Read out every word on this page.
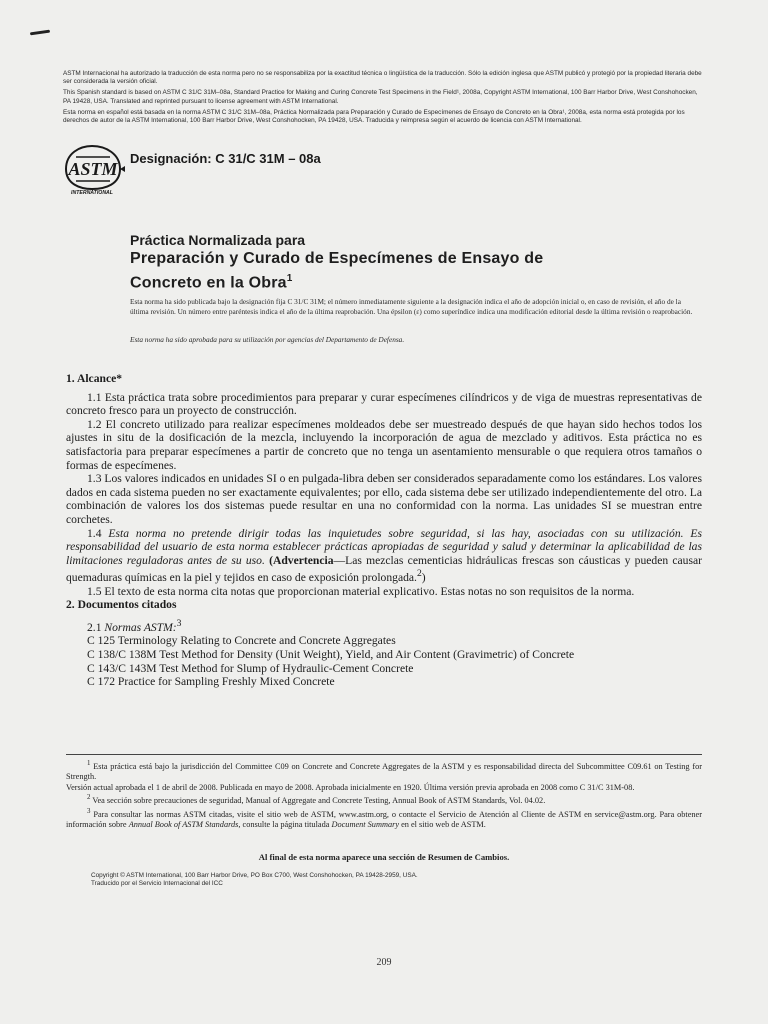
ASTM Internacional ha autorizado la traducción de esta norma pero no se responsabiliza por la exactitud técnica o lingüística de la traducción. Sólo la edición inglesa que ASTM publicó y protegió por la propiedad literaria debe ser considerada la versión oficial.

This Spanish standard is based on ASTM C 31/C 31M–08a, Standard Practice for Making and Curing Concrete Test Specimens in the Field¹, 2008a, Copyright ASTM International, 100 Barr Harbor Drive, West Conshohocken, PA 19428, USA. Translated and reprinted pursuant to license agreement with ASTM International.

Esta norma en español está basada en la norma ASTM C 31/C 31M–08a, Práctica Normalizada para Preparación y Curado de Especímenes de Ensayo de Concreto en la Obra¹, 2008a, esta norma está protegida por los derechos de autor de la ASTM International, 100 Barr Harbor Drive, West Conshohocken, PA 19428, USA. Traducida y reimpresa según el acuerdo de licencia con ASTM International.

ASTM
INTERNATIONAL
Designación: C 31/C 31M – 08a
Práctica Normalizada para
Preparación y Curado de Especímenes de Ensayo de
Concreto en la Obra$^1$

Esta norma ha sido publicada bajo la designación fija C 31/C 31M; el número inmediatamente siguiente a la designación indica el año de adopción inicial o, en caso de revisión, el año de la última revisión. Un número entre paréntesis indica el año de la última reaprobación. Una épsilon (ε) como superíndice indica una modificación editorial desde la última revisión o reaprobación.

Esta norma ha sido aprobada para su utilización por agencias del Departamento de Defensa.

1. Alcance*

1.1 Esta práctica trata sobre procedimientos para preparar y curar especímenes cilíndricos y de viga de muestras representativas de concreto fresco para un proyecto de construcción.

1.2 El concreto utilizado para realizar especímenes moldeados debe ser muestreado después de que hayan sido hechos todos los ajustes in situ de la dosificación de la mezcla, incluyendo la incorporación de agua de mezclado y aditivos. Esta práctica no es satisfactoria para preparar especímenes a partir de concreto que no tenga un asentamiento mensurable o que requiera otros tamaños o formas de especímenes.

1.3 Los valores indicados en unidades SI o en pulgada-libra deben ser considerados separadamente como los estándares. Los valores dados en cada sistema pueden no ser exactamente equivalentes; por ello, cada sistema debe ser utilizado independientemente del otro. La combinación de valores los dos sistemas puede resultar en una no conformidad con la norma. Las unidades SI se muestran entre corchetes.

1.4 Esta norma no pretende dirigir todas las inquietudes sobre seguridad, si las hay, asociadas con su utilización. Es responsabilidad del usuario de esta norma establecer prácticas apropiadas de seguridad y salud y determinar la aplicabilidad de las limitaciones reguladoras antes de su uso. (Advertencia—Las mezclas cementicias hidráulicas frescas son cáusticas y pueden causar quemaduras químicas en la piel y tejidos en caso de exposición prolongada.$^2$)

1.5 El texto de esta norma cita notas que proporcionan material explicativo. Estas notas no son requisitos de la norma.

2. Documentos citados
2.1 Normas ASTM:$^3$
C 125 Terminology Relating to Concrete and Concrete Aggregates
C 138/C 138M Test Method for Density (Unit Weight), Yield, and Air Content (Gravimetric) of Concrete
C 143/C 143M Test Method for Slump of Hydraulic-Cement Concrete
C 172 Practice for Sampling Freshly Mixed Concrete

$^1$ Esta práctica está bajo la jurisdicción del Committee C09 on Concrete and Concrete Aggregates de la ASTM y es responsabilidad directa del Subcommittee C09.61 on Testing for Strength.

Versión actual aprobada el 1 de abril de 2008. Publicada en mayo de 2008. Aprobada inicialmente en 1920. Última versión previa aprobada en 2008 como C 31/C 31M-08.

$^2$ Vea sección sobre precauciones de seguridad, Manual of Aggregate and Concrete Testing, Annual Book of ASTM Standards, Vol. 04.02.

$^3$ Para consultar las normas ASTM citadas, visite el sitio web de ASTM, www.astm.org, o contacte el Servicio de Atención al Cliente de ASTM en service@astm.org. Para obtener información sobre Annual Book of ASTM Standards, consulte la página titulada Document Summary en el sitio web de ASTM.

Al final de esta norma aparece una sección de Resumen de Cambios.

Copyright © ASTM International, 100 Barr Harbor Drive, PO Box C700, West Conshohocken, PA 19428-2959, USA.

Traducido por el Servicio Internacional del ICC

209
